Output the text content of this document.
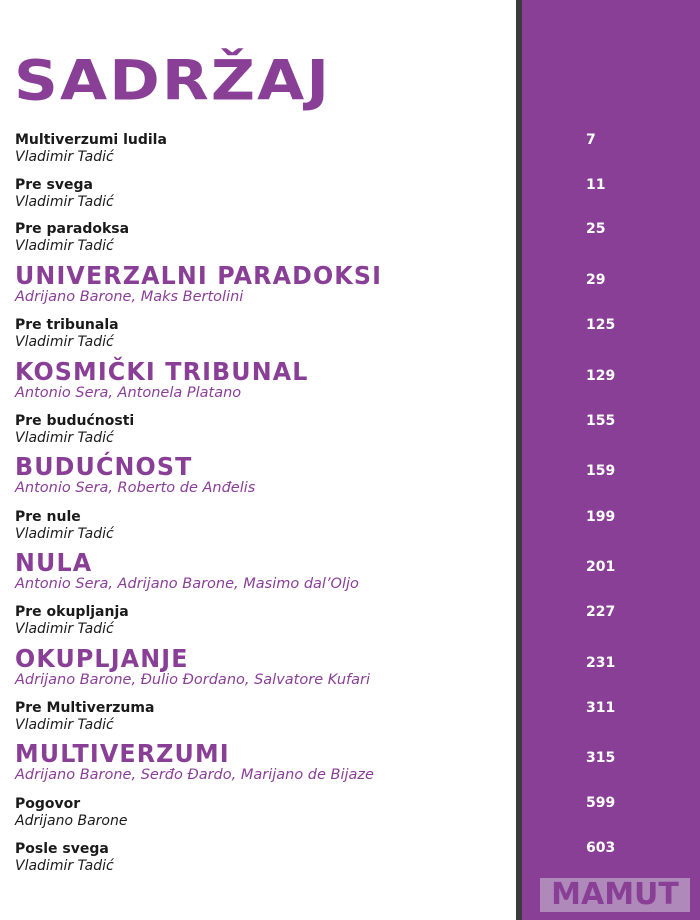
SADRŽAJ
Multiverzumi ludila
Vladimir Tadić
7
Pre svega
Vladimir Tadić
11
Pre paradoksa
Vladimir Tadić
25
UNIVERZALNI PARADOKSI
Adrijano Barone, Maks Bertolini
29
Pre tribunala
Vladimir Tadić
125
KOSMIČKI TRIBUNAL
Antonio Sera, Antonela Platano
129
Pre budućnosti
Vladimir Tadić
155
BUDUĆNOST
Antonio Sera, Roberto de Anđelis
159
Pre nule
Vladimir Tadić
199
NULA
Antonio Sera, Adrijano Barone, Masimo dal’Oljo
201
Pre okupljanja
Vladimir Tadić
227
OKUPLJANJE
Adrijano Barone, Đulio Đordano, Salvatore Kufari
231
Pre Multiverzuma
Vladimir Tadić
311
MULTIVERZUMI
Adrijano Barone, Serđo Đardo, Marijano de Bijaze
315
Pogovor
Adrijano Barone
599
Posle svega
Vladimir Tadić
603
MAMUT
